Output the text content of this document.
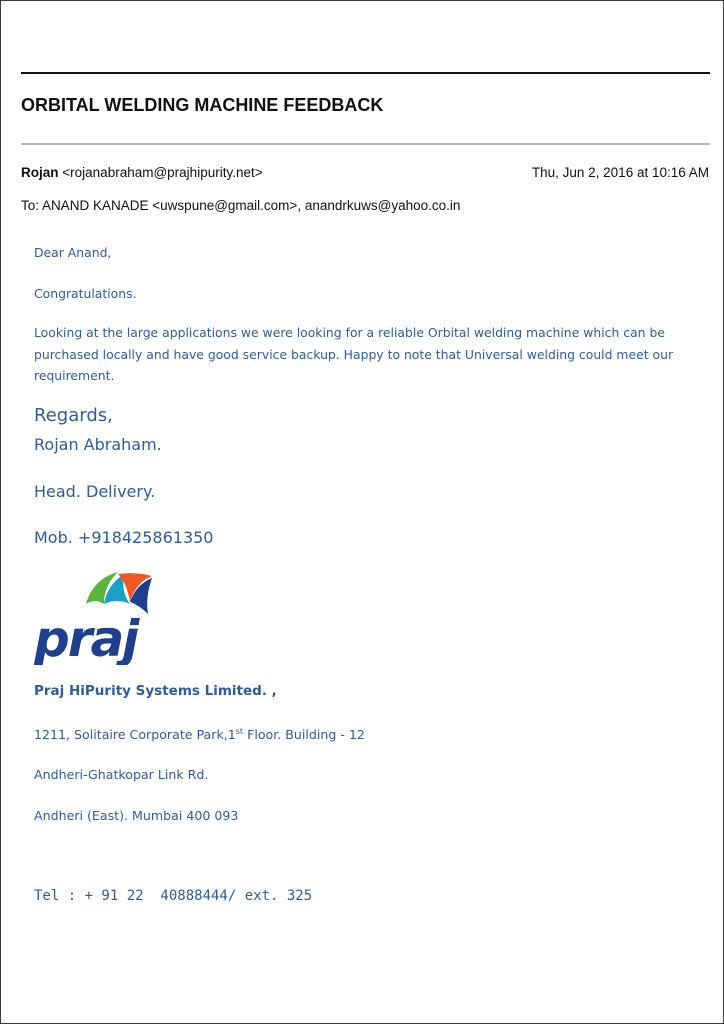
ORBITAL WELDING MACHINE FEEDBACK
Rojan <rojanabraham@prajhipurity.net>	Thu, Jun 2, 2016 at 10:16 AM
To: ANAND KANADE <uwspune@gmail.com>, anandrkuws@yahoo.co.in
Dear Anand,
Congratulations.
Looking at the large applications we were looking for a reliable Orbital welding machine which can be purchased locally and have good service backup. Happy to note that Universal welding could meet our requirement.
Regards,
Rojan Abraham.
Head. Delivery.
Mob. +918425861350
praj
Praj HiPurity Systems Limited. ,
1211, Solitaire Corporate Park,1st Floor. Building - 12
Andheri-Ghatkopar Link Rd.
Andheri (East). Mumbai 400 093
Tel : + 91 22  40888444/ ext. 325
